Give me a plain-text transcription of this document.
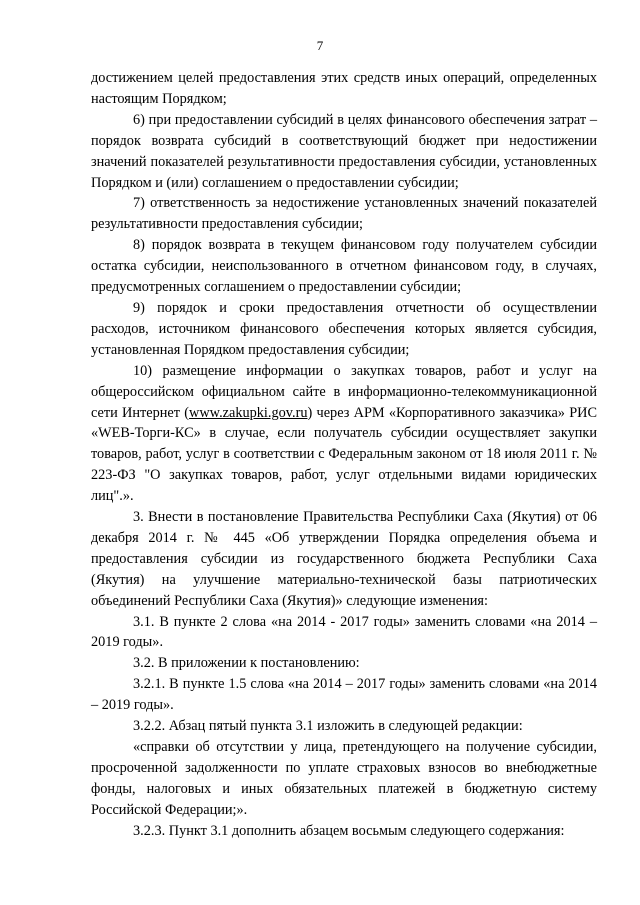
7

достижением целей предоставления этих средств иных операций, определенных настоящим Порядком;

6) при предоставлении субсидий в целях финансового обеспечения затрат – порядок возврата субсидий в соответствующий бюджет при недостижении значений показателей результативности предоставления субсидии, установленных Порядком и (или) соглашением о предоставлении субсидии;

7) ответственность за недостижение установленных значений показателей результативности предоставления субсидии;

8) порядок возврата в текущем финансовом году получателем субсидии остатка субсидии, неиспользованного в отчетном финансовом году, в случаях, предусмотренных соглашением о предоставлении субсидии;

9) порядок и сроки предоставления отчетности об осуществлении расходов, источником финансового обеспечения которых является субсидия, установленная Порядком предоставления субсидии;

10) размещение информации о закупках товаров, работ и услуг на общероссийском официальном сайте в информационно-телекоммуникационной сети Интернет (www.zakupki.gov.ru) через АРМ «Корпоративного заказчика» РИС «WEB-Торги-КС» в случае, если получатель субсидии осуществляет закупки товаров, работ, услуг в соответствии с Федеральным законом от 18 июля 2011 г. № 223-ФЗ "О закупках товаров, работ, услуг отдельными видами юридических лиц".».

3. Внести в постановление Правительства Республики Саха (Якутия) от 06 декабря 2014 г. № 445 «Об утверждении Порядка определения объема и предоставления субсидии из государственного бюджета Республики Саха (Якутия) на улучшение материально-технической базы патриотических объединений Республики Саха (Якутия)» следующие изменения:

3.1. В пункте 2 слова «на 2014 - 2017 годы» заменить словами «на 2014 – 2019 годы».

3.2. В приложении к постановлению:

3.2.1. В пункте 1.5 слова «на 2014 – 2017 годы» заменить словами «на 2014 – 2019 годы».

3.2.2. Абзац пятый пункта 3.1 изложить в следующей редакции:

«справки об отсутствии у лица, претендующего на получение субсидии, просроченной задолженности по уплате страховых взносов во внебюджетные фонды, налоговых и иных обязательных платежей в бюджетную систему Российской Федерации;».

3.2.3. Пункт 3.1 дополнить абзацем восьмым следующего содержания:
